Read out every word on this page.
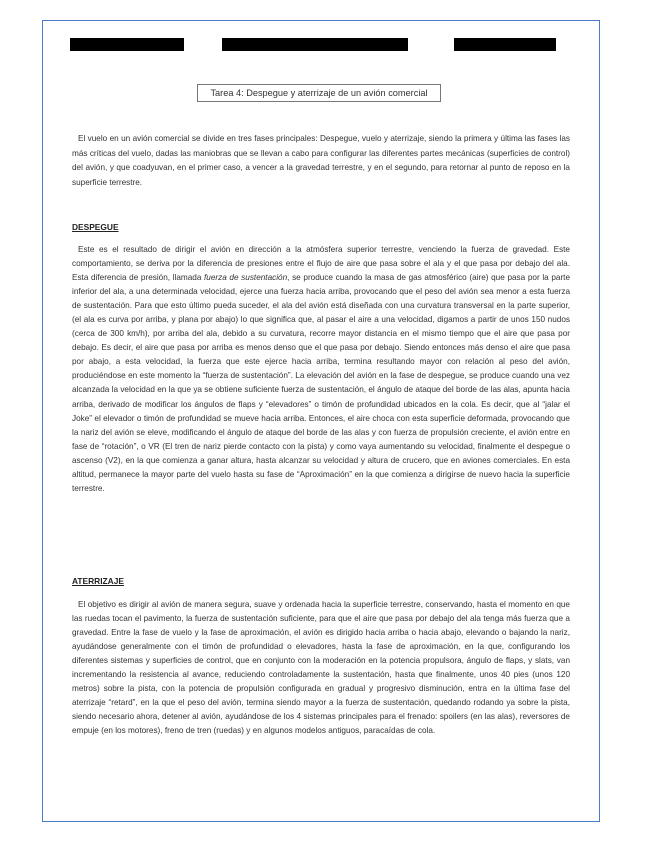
Tarea 4: Despegue y aterrizaje de un avión comercial

El vuelo en un avión comercial se divide en tres fases principales: Despegue, vuelo y aterrizaje, siendo la primera y última las fases las más críticas del vuelo, dadas las maniobras que se llevan a cabo para configurar las diferentes partes mecánicas (superficies de control) del avión, y que coadyuvan, en el primer caso, a vencer a la gravedad terrestre, y en el segundo, para retornar al punto de reposo en la superficie terrestre.

DESPEGUE

Este es el resultado de dirigir el avión en dirección a la atmósfera superior terrestre, venciendo la fuerza de gravedad. Este comportamiento, se deriva por la diferencia de presiones entre el flujo de aire que pasa sobre el ala y el que pasa por debajo del ala. Esta diferencia de presión, llamada fuerza de sustentación, se produce cuando la masa de gas atmosférico (aire) que pasa por la parte inferior del ala, a una determinada velocidad, ejerce una fuerza hacia arriba, provocando que el peso del avión sea menor a esta fuerza de sustentación. Para que esto último pueda suceder, el ala del avión está diseñada con una curvatura transversal en la parte superior, (el ala es curva por arriba, y plana por abajo) lo que significa que, al pasar el aire a una velocidad, digamos a partir de unos 150 nudos (cerca de 300 km/h), por arriba del ala, debido a su curvatura, recorre mayor distancia en el mismo tiempo que el aire que pasa por debajo. Es decir, el aire que pasa por arriba es menos denso que el que pasa por debajo. Siendo entonces más denso el aire que pasa por abajo, a esta velocidad, la fuerza que este ejerce hacia arriba, termina resultando mayor con relación al peso del avión, produciéndose en este momento la “fuerza de sustentación”. La elevación del avión en la fase de despegue, se produce cuando una vez alcanzada la velocidad en la que ya se obtiene suficiente fuerza de sustentación, el ángulo de ataque del borde de las alas, apunta hacia arriba, derivado de modificar los ángulos de flaps y “elevadores” o timón de profundidad ubicados en la cola. Es decir, que al “jalar el Joke” el elevador o timón de profundidad se mueve hacia arriba. Entonces, el aire choca con esta superficie deformada, provocando que la nariz del avión se eleve, modificando el ángulo de ataque del borde de las alas y con fuerza de propulsión creciente, el avión entre en fase de “rotación”, o VR (El tren de nariz pierde contacto con la pista) y como vaya aumentando su velocidad, finalmente el despegue o ascenso (V2), en la que comienza a ganar altura, hasta alcanzar su velocidad y altura de crucero, que en aviones comerciales. En esta altitud, permanece la mayor parte del vuelo hasta su fase de “Aproximación” en la que comienza a dirigirse de nuevo hacia la superficie terrestre.

ATERRIZAJE

El objetivo es dirigir al avión de manera segura, suave y ordenada hacia la superficie terrestre, conservando, hasta el momento en que las ruedas tocan el pavimento, la fuerza de sustentación suficiente, para que el aire que pasa por debajo del ala tenga más fuerza que a gravedad. Entre la fase de vuelo y la fase de aproximación, el avión es dirigido hacia arriba o hacia abajo, elevando o bajando la nariz, ayudándose generalmente con el timón de profundidad o elevadores, hasta la fase de aproximación, en la que, configurando los diferentes sistemas y superficies de control, que en conjunto con la moderación en la potencia propulsora, ángulo de flaps, y slats, van incrementando la resistencia al avance, reduciendo controladamente la sustentación, hasta que finalmente, unos 40 pies (unos 120 metros) sobre la pista, con la potencia de propulsión configurada en gradual y progresivo disminución, entra en la última fase del aterrizaje “retard”, en la que el peso del avión, termina siendo mayor a la fuerza de sustentación, quedando rodando ya sobre la pista, siendo necesario ahora, detener al avión, ayudándose de los 4 sistemas principales para el frenado: spoilers (en las alas), reversores de empuje (en los motores), freno de tren (ruedas) y en algunos modelos antiguos, paracaídas de cola.
